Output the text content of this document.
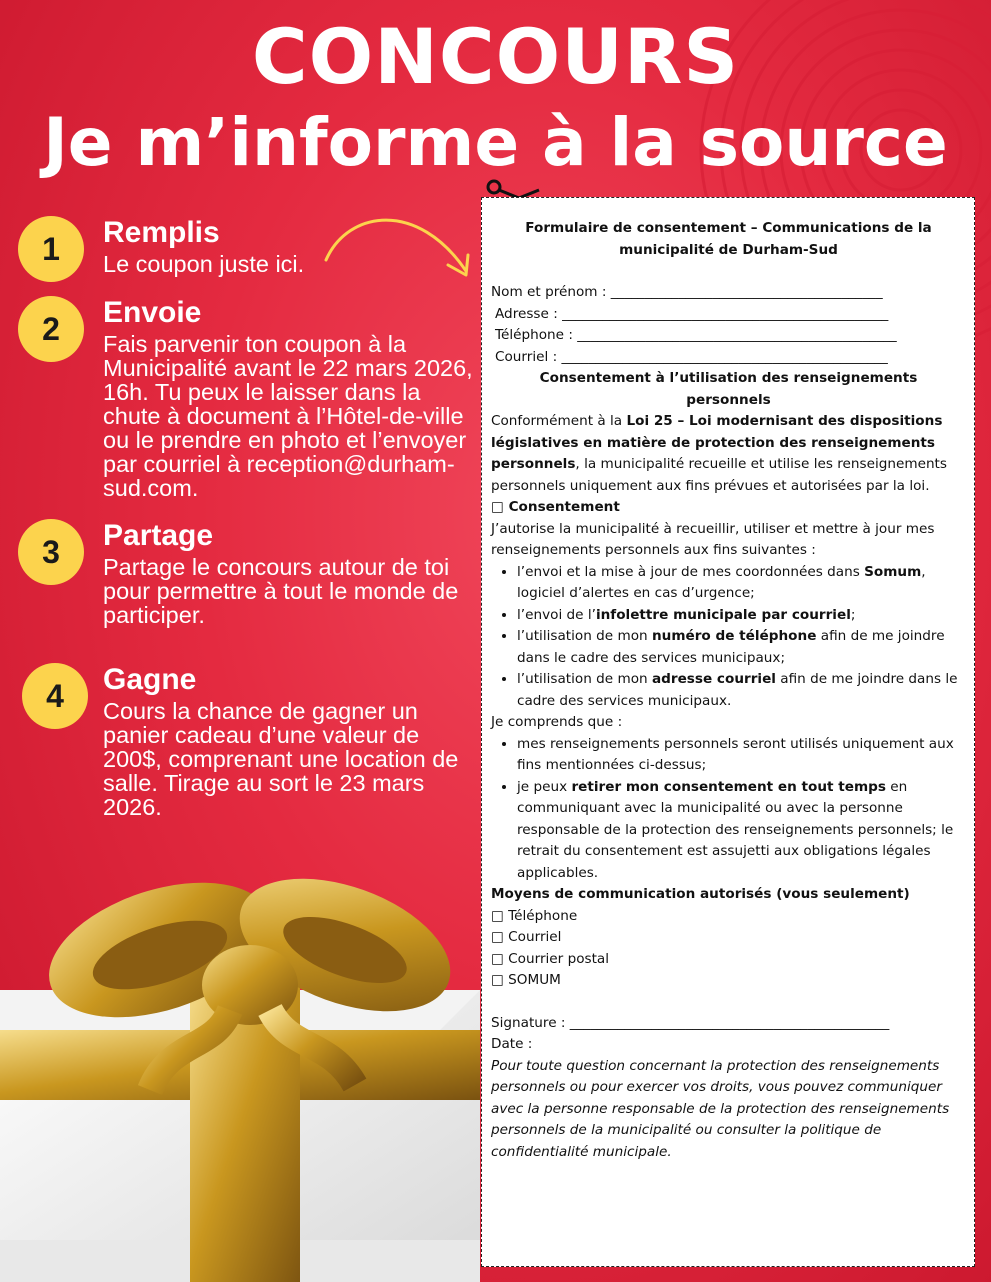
CONCOURS
Je m’informe à la source
1	Remplis
Le coupon juste ici.
2	Envoie
Fais parvenir ton coupon à la Municipalité avant le 22 mars 2026, 16h. Tu peux le laisser dans la chute à document à l’Hôtel-de-ville ou le prendre en photo et l’envoyer par courriel à reception@durham-sud.com.
3	Partage
Partage le concours autour de toi pour permettre à tout le monde de participer.
4	Gagne
Cours la chance de gagner un panier cadeau d’une valeur de 200$, comprenant une location de salle. Tirage au sort le 23 mars 2026.

Formulaire de consentement – Communications de la municipalité de Durham-Sud

Nom et prénom : ________________________________________

Adresse : ________________________________________________

Téléphone : _______________________________________________

Courriel : ________________________________________________

Consentement à l’utilisation des renseignements personnels

Conformément à la Loi 25 – Loi modernisant des dispositions législatives en matière de protection des renseignements personnels, la municipalité recueille et utilise les renseignements personnels uniquement aux fins prévues et autorisées par la loi.

□ Consentement

J’autorise la municipalité à recueillir, utiliser et mettre à jour mes renseignements personnels aux fins suivantes :

• l’envoi et la mise à jour de mes coordonnées dans Somum, logiciel d’alertes en cas d’urgence;
• l’envoi de l’infolettre municipale par courriel;
• l’utilisation de mon numéro de téléphone afin de me joindre dans le cadre des services municipaux;
• l’utilisation de mon adresse courriel afin de me joindre dans le cadre des services municipaux.

Je comprends que :

• mes renseignements personnels seront utilisés uniquement aux fins mentionnées ci-dessus;
• je peux retirer mon consentement en tout temps en communiquant avec la municipalité ou avec la personne responsable de la protection des renseignements personnels; le retrait du consentement est assujetti aux obligations légales applicables.

Moyens de communication autorisés (vous seulement)

□ Téléphone

□ Courriel

□ Courrier postal

□ SOMUM

Signature : _______________________________________________

Date :

Pour toute question concernant la protection des renseignements personnels ou pour exercer vos droits, vous pouvez communiquer avec la personne responsable de la protection des renseignements personnels de la municipalité ou consulter la politique de confidentialité municipale.
